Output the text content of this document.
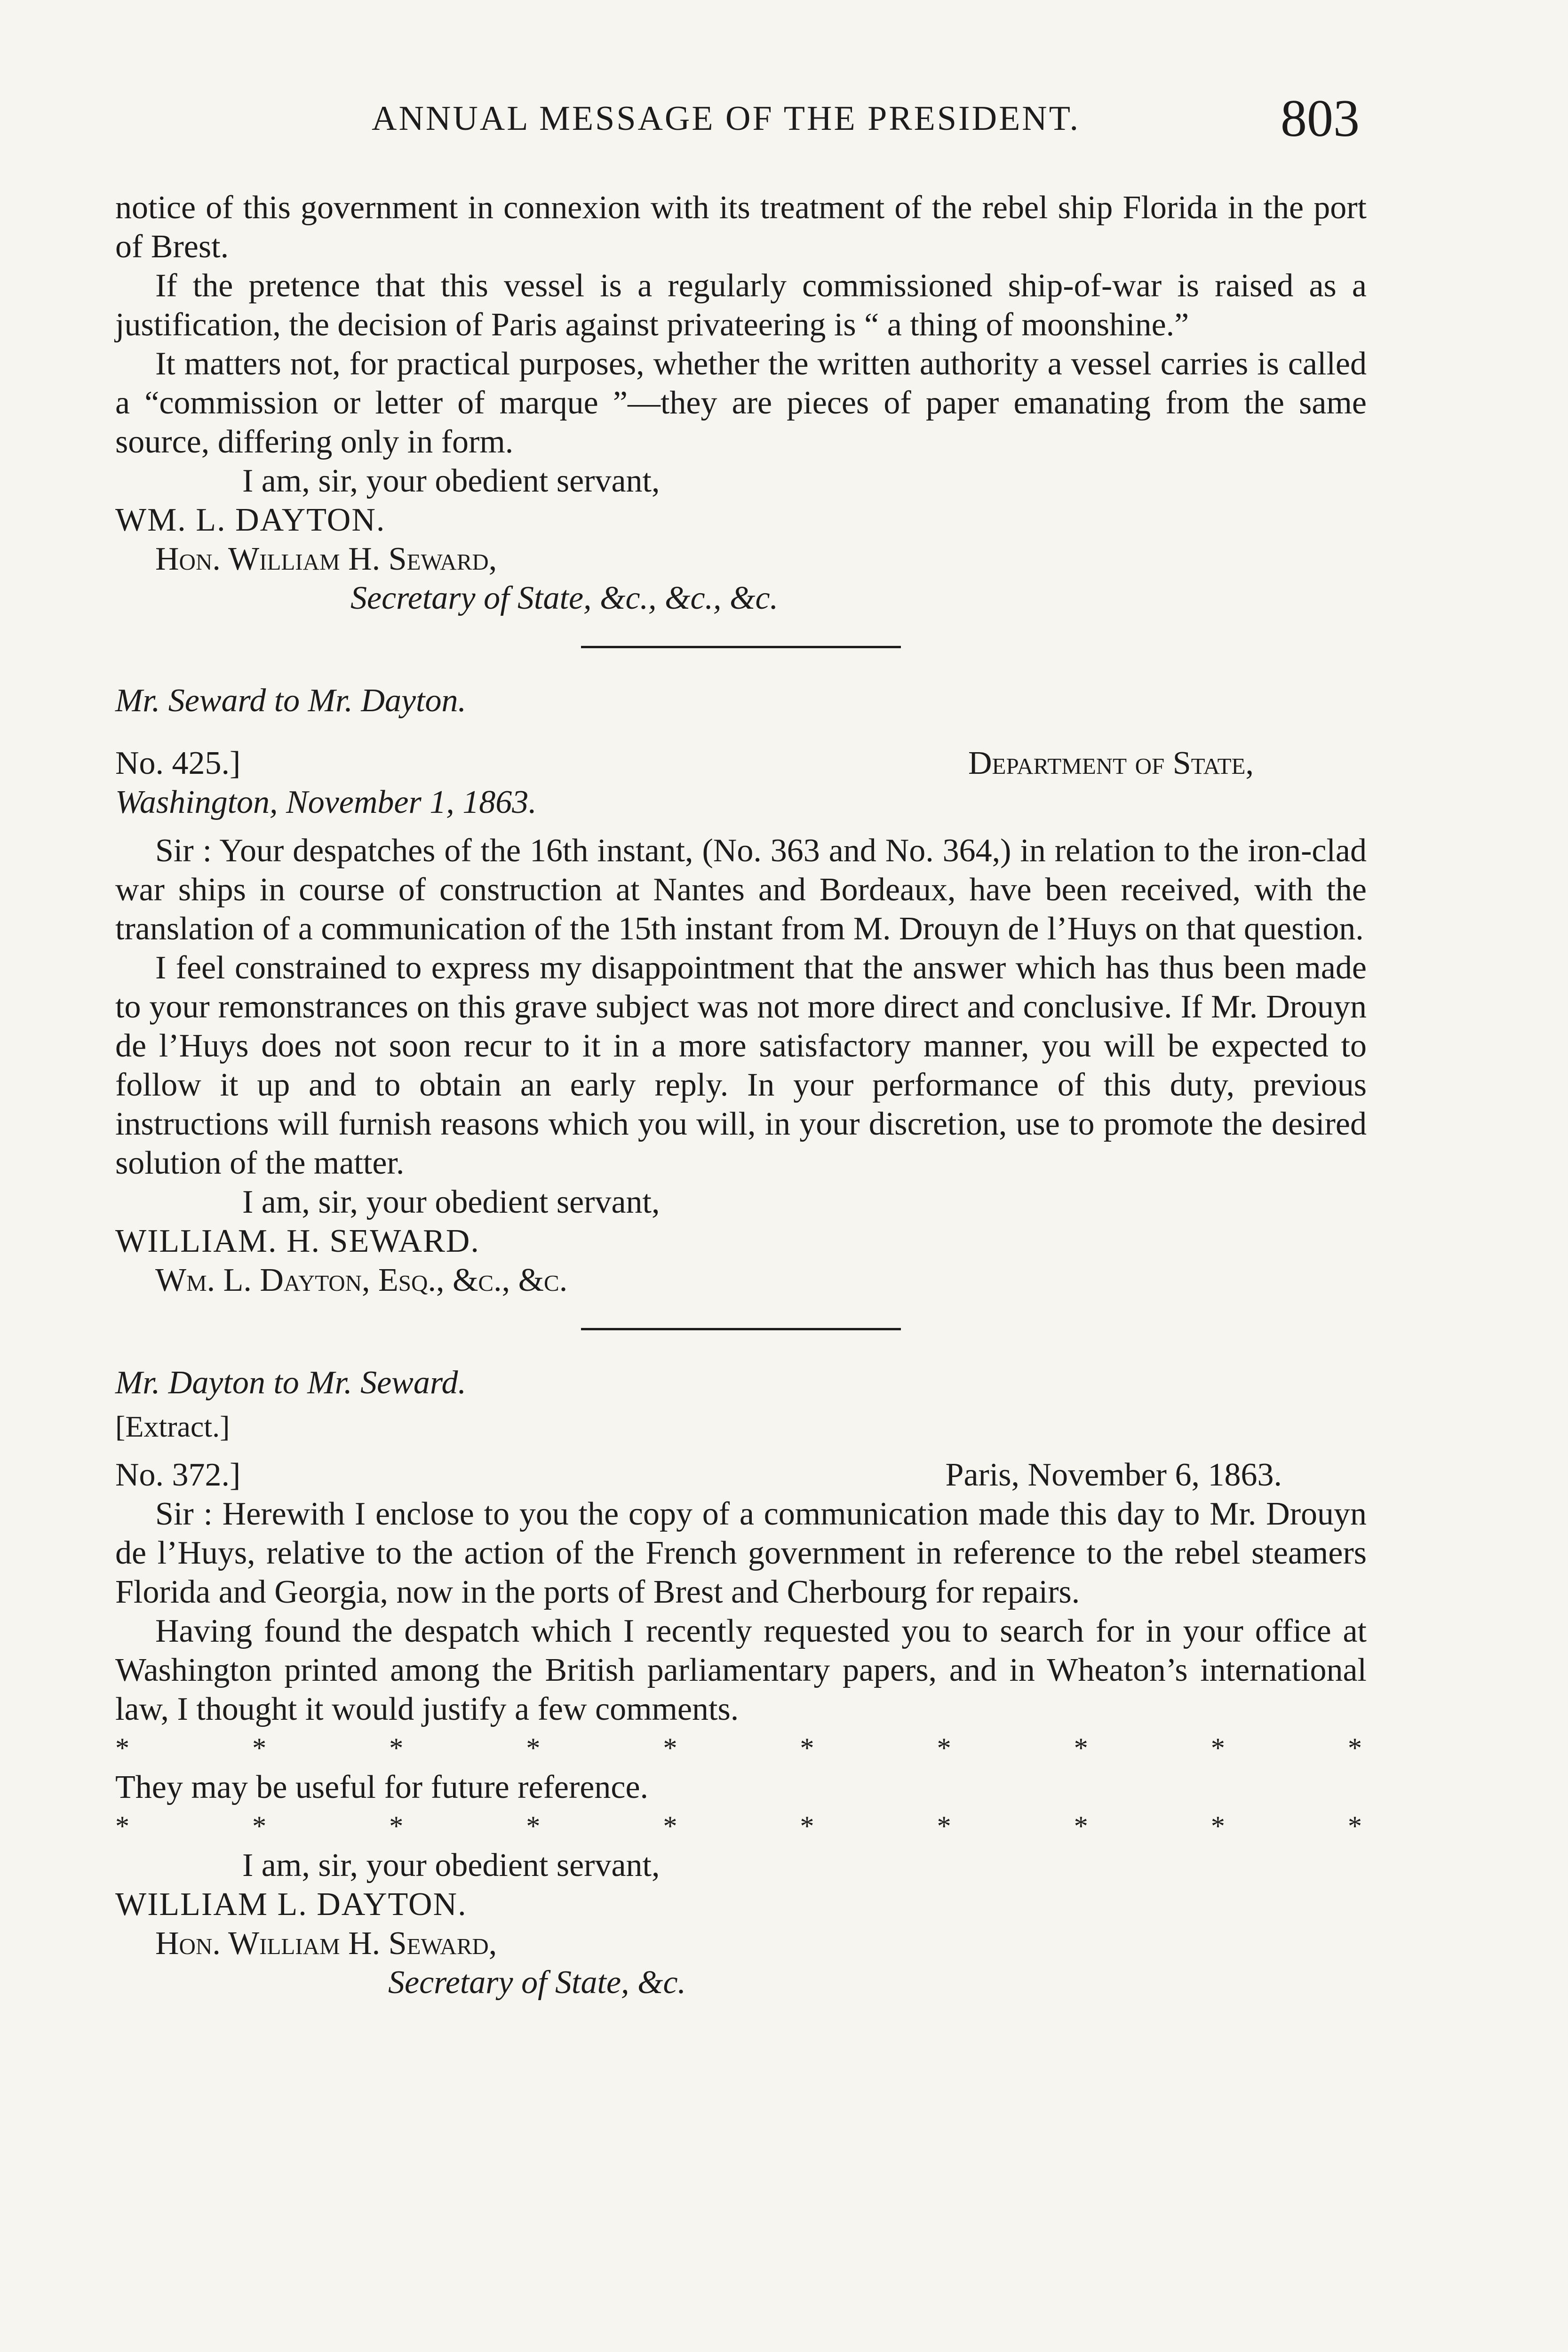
ANNUAL MESSAGE OF THE PRESIDENT.	803

notice of this government in connexion with its treatment of the rebel ship Florida in the port of Brest.

If the pretence that this vessel is a regularly commissioned ship-of-war is raised as a justification, the decision of Paris against privateering is “ a thing of moonshine.”

It matters not, for practical purposes, whether the written authority a vessel carries is called a “commission or letter of marque ”—they are pieces of paper emanating from the same source, differing only in form.

I am, sir, your obedient servant,

WM. L. DAYTON.

Hon. William H. Seward,

Secretary of State, &c., &c., &c.

Mr. Seward to Mr. Dayton.

No. 425.]	Department of State,

Washington, November 1, 1863.

Sir : Your despatches of the 16th instant, (No. 363 and No. 364,) in relation to the iron-clad war ships in course of construction at Nantes and Bordeaux, have been received, with the translation of a communication of the 15th instant from M. Drouyn de l’Huys on that question.

I feel constrained to express my disappointment that the answer which has thus been made to your remonstrances on this grave subject was not more direct and conclusive. If Mr. Drouyn de l’Huys does not soon recur to it in a more satisfactory manner, you will be expected to follow it up and to obtain an early reply. In your performance of this duty, previous instructions will furnish reasons which you will, in your discretion, use to promote the desired solution of the matter.

I am, sir, your obedient servant,

WILLIAM. H. SEWARD.

Wm. L. Dayton, Esq., &c., &c.

Mr. Dayton to Mr. Seward.

[Extract.]

No. 372.]	Paris, November 6, 1863.

Sir : Herewith I enclose to you the copy of a communication made this day to Mr. Drouyn de l’Huys, relative to the action of the French government in reference to the rebel steamers Florida and Georgia, now in the ports of Brest and Cherbourg for repairs.

Having found the despatch which I recently requested you to search for in your office at Washington printed among the British parliamentary papers, and in Wheaton’s international law, I thought it would justify a few comments.

*	*	*	*	*	*	*	*	*	*

They may be useful for future reference.

*	*	*	*	*	*	*	*	*	*

I am, sir, your obedient servant,

WILLIAM L. DAYTON.

Hon. William H. Seward,

Secretary of State, &c.
